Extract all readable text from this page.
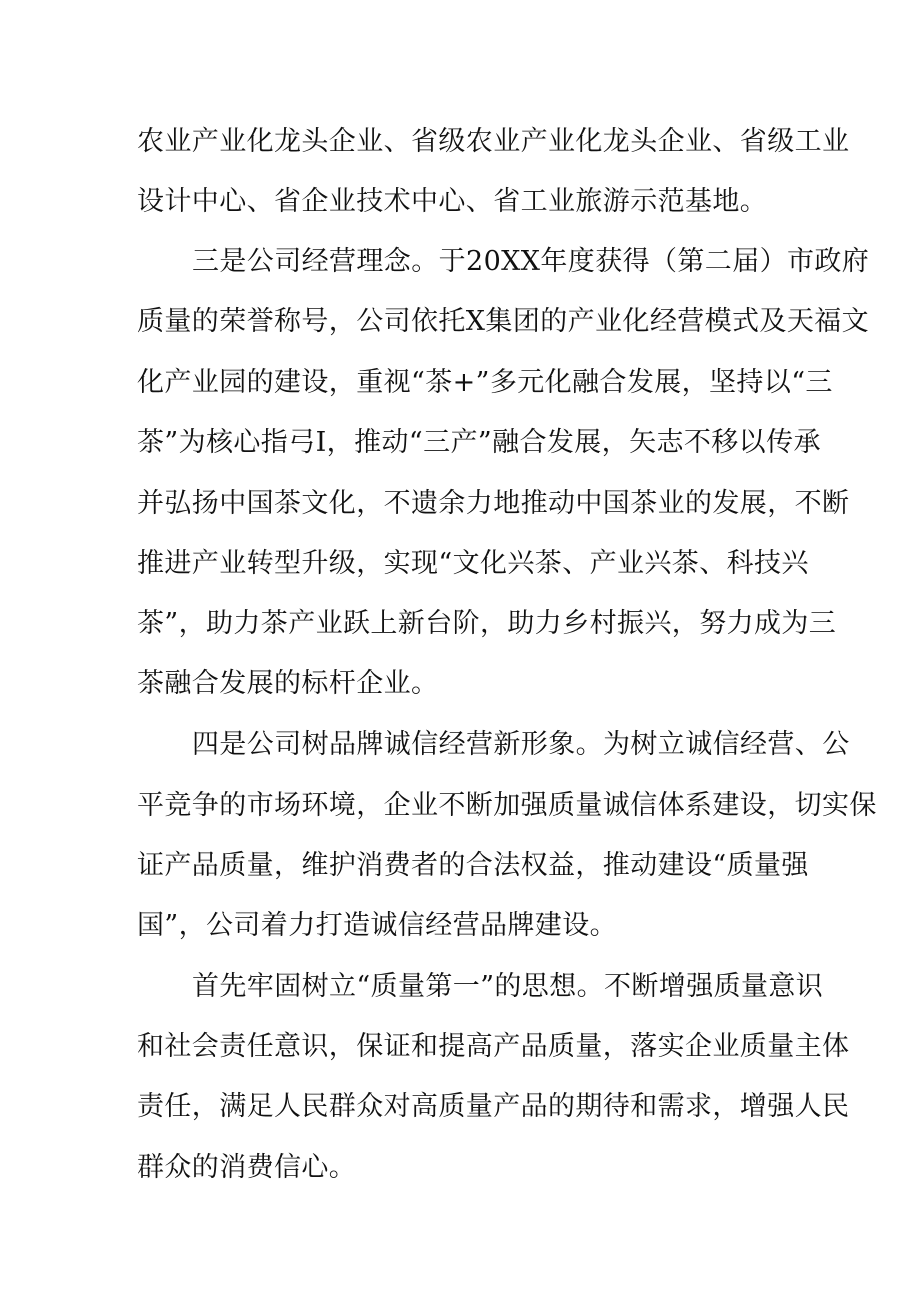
农业产业化龙头企业、省级农业产业化龙头企业、省级工业
设计中心、省企业技术中心、省工业旅游示范基地。
三是公司经营理念。于20XX年度获得（第二届）市政府
质量的荣誉称号，公司依托X集团的产业化经营模式及天福文
化产业园的建设，重视“茶+”多元化融合发展，坚持以“三
茶”为核心指弓I，推动“三产”融合发展，矢志不移以传承
并弘扬中国茶文化，不遗余力地推动中国茶业的发展，不断
推进产业转型升级，实现“文化兴茶、产业兴茶、科技兴
茶”，助力茶产业跃上新台阶，助力乡村振兴，努力成为三
茶融合发展的标杆企业。
四是公司树品牌诚信经营新形象。为树立诚信经营、公
平竞争的市场环境，企业不断加强质量诚信体系建设，切实保
证产品质量，维护消费者的合法权益，推动建设“质量强
国”，公司着力打造诚信经营品牌建设。
首先牢固树立“质量第一”的思想。不断增强质量意识
和社会责任意识，保证和提高产品质量，落实企业质量主体
责任，满足人民群众对高质量产品的期待和需求，增强人民
群众的消费信心。
